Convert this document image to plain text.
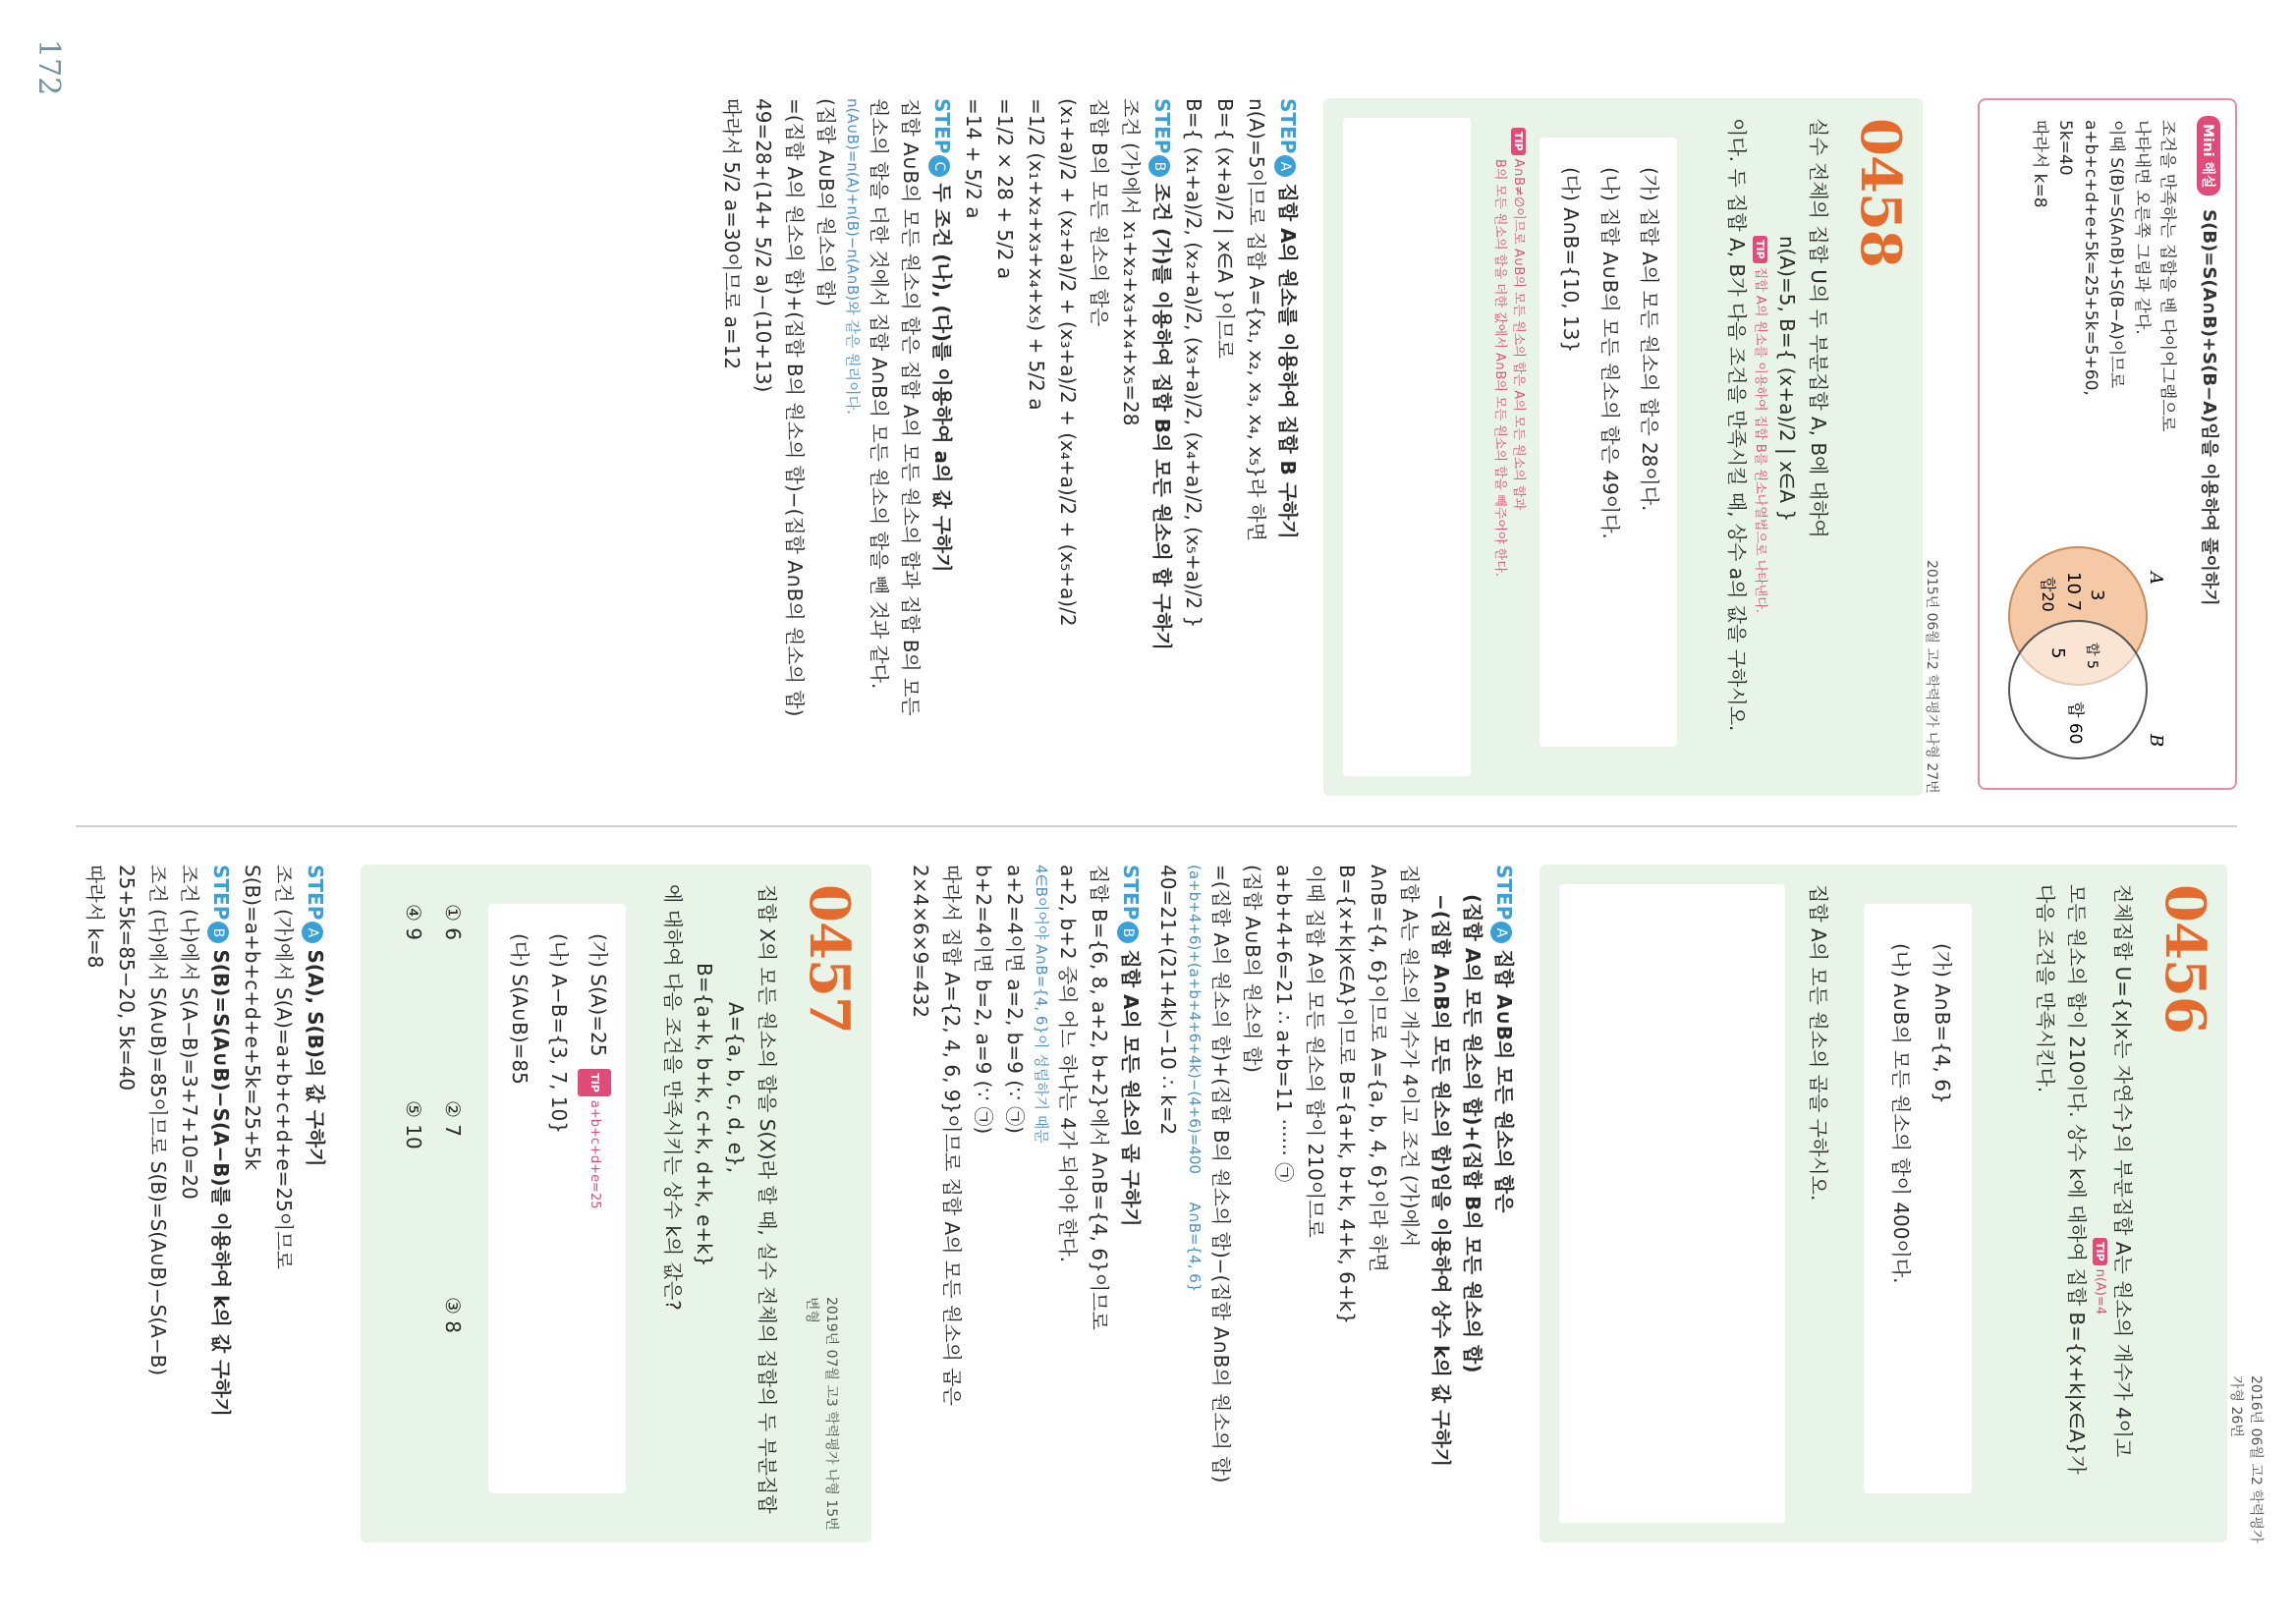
172
2016년 06월 고2 학력평가 가형 26번
0456
전체집합 U={x|x는 자연수}의 부분집합 A는 원소의 개수가 4이고
TIPn(A)=4
모든 원소의 합이 210이다. 상수 k에 대하여 집합 B={x+k|x∈A}가
다음 조건을 만족시킨다.
(가) A∩B={4, 6}
(나) A∪B의 모든 원소의 합이 400이다.
집합 A의 모든 원소의 곱을 구하시오.
STEPA집합 A∪B의 모든 원소의 합은
(집합 A의 모든 원소의 합)+(집합 B의 모든 원소의 합)
−(집합 A∩B의 모든 원소의 합)임을 이용하여 상수 k의 값 구하기
집합 A는 원소의 개수가 4이고 조건 (가)에서
A∩B={4, 6}이므로 A={a, b, 4, 6}이라 하면
B={x+k|x∈A}이므로 B={a+k, b+k, 4+k, 6+k}
이때 집합 A의 모든 원소의 합이 210이므로
a+b+4+6=21 ∴ a+b=11 ······ ㉠
(집합 A∪B의 원소의 합)
=(집합 A의 원소의 합)+(집합 B의 원소의 합)−(집합 A∩B의 원소의 합)
(a+b+4+6)+(a+b+4+6+4k)−(4+6)=400      A∩B={4, 6}
40=21+(21+4k)−10 ∴ k=2
STEPB집합 A의 모든 원소의 곱 구하기
집합 B={6, 8, a+2, b+2}에서 A∩B={4, 6}이므로
a+2, b+2 중의 어느 하나는 4가 되어야 한다.
4∈B이어야 A∩B={4, 6}이 성립하기 때문
a+2=4이면 a=2, b=9 (∵ ㉠)
b+2=4이면 b=2, a=9 (∵ ㉠)
따라서 집합 A={2, 4, 6, 9}이므로 집합 A의 모든 원소의 곱은
2×4×6×9=432
0457
2019년 07월 고3 학력평가 나형 15번 변형
집합 X의 모든 원소의 합을 S(X)라 할 때, 실수 전체의 집합의 두 부분집합
A={a, b, c, d, e},
B={a+k, b+k, c+k, d+k, e+k}
에 대하여 다음 조건을 만족시키는 상수 k의 값은?
(가) S(A)=25  TIPa+b+c+d+e=25
(나) A−B={3, 7, 10}
(다) S(A∪B)=85
① 6
② 7
③ 8
④ 9
⑤ 10
STEPAS(A), S(B)의 값 구하기
조건 (가)에서 S(A)=a+b+c+d+e=25이므로
S(B)=a+b+c+d+e+5k=25+5k
STEPBS(B)=S(A∪B)−S(A−B)를 이용하여 k의 값 구하기
조건 (나)에서 S(A−B)=3+7+10=20
조건 (다)에서 S(A∪B)=85이므로 S(B)=S(A∪B)−S(A−B)
25+5k=85−20, 5k=40
따라서 k=8
Mini 해설 S(B)=S(A∩B)+S(B−A)임을 이용하여 풀이하기
조건을 만족하는 집합을 벤 다이어그램으로
나타내면 오른쪽 그림과 같다.
이때 S(B)=S(A∩B)+S(B−A)이므로
a+b+c+d+e+5k=25+5k=5+60,
5k=40
따라서 k=8
A
B
3
10 7
합20
합 5
5
합 60
2015년 06월 고2 학력평가 나형 27번
0458
실수 전체의 집합 U의 두 부분집합 A, B에 대하여
n(A)=5, B={ (x+a)/2 | x∈A }
TIP집합 A의 원소를 이용하여 집합 B를 원소나열법으로 나타낸다.
이다. 두 집합 A, B가 다음 조건을 만족시킬 때, 상수 a의 값을 구하시오.
(가) 집합 A의 모든 원소의 합은 28이다.
(나) 집합 A∪B의 모든 원소의 합은 49이다.
(다) A∩B={10, 13}
TIPA∩B≠∅이므로 A∪B의 모든 원소의 합은 A의 모든 원소의 합과
B의 모든 원소의 합을 더한 값에서 A∩B의 모든 원소의 합을 빼주어야 한다.
STEPA집합 A의 원소를 이용하여 집합 B 구하기
n(A)=5이므로 집합 A={x₁, x₂, x₃, x₄, x₅}라 하면
B={ (x+a)/2 | x∈A }이므로
B={ (x₁+a)/2, (x₂+a)/2, (x₃+a)/2, (x₄+a)/2, (x₅+a)/2 }
STEPB조건 (가)를 이용하여 집합 B의 모든 원소의 합 구하기
조건 (가)에서 x₁+x₂+x₃+x₄+x₅=28
집합 B의 모든 원소의 합은
(x₁+a)/2 + (x₂+a)/2 + (x₃+a)/2 + (x₄+a)/2 + (x₅+a)/2
=1/2 (x₁+x₂+x₃+x₄+x₅) + 5/2 a
=1/2 × 28 + 5/2 a
=14 + 5/2 a
STEPC두 조건 (나), (다)를 이용하여 a의 값 구하기
집합 A∪B의 모든 원소의 합은 집합 A의 모든 원소의 합과 집합 B의 모든
원소의 합을 더한 것에서 집합 A∩B의 모든 원소의 합을 뺀 것과 같다.
n(A∪B)=n(A)+n(B)−n(A∩B)와 같은 원리이다.
(집합 A∪B의 원소의 합)
=(집합 A의 원소의 합)+(집합 B의 원소의 합)−(집합 A∩B의 원소의 합)
49=28+(14+ 5/2 a)−(10+13)
따라서 5/2 a=30이므로 a=12
